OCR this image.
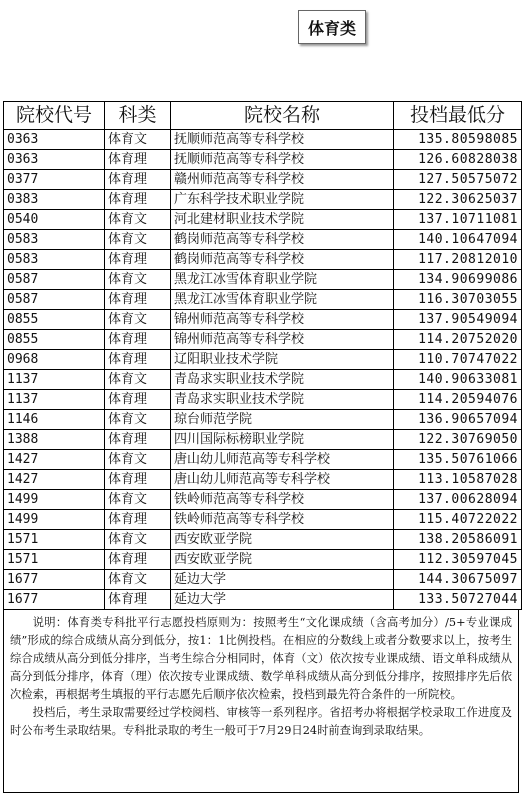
体育类
院校代号	科类	院校名称	投档最低分
0363	体育文	抚顺师范高等专科学校	135.80598085
0363	体育理	抚顺师范高等专科学校	126.60828038
0377	体育理	赣州师范高等专科学校	127.50575072
0383	体育理	广东科学技术职业学院	122.30625037
0540	体育文	河北建材职业技术学院	137.10711081
0583	体育文	鹤岗师范高等专科学校	140.10647094
0583	体育理	鹤岗师范高等专科学校	117.20812010
0587	体育文	黑龙江冰雪体育职业学院	134.90699086
0587	体育理	黑龙江冰雪体育职业学院	116.30703055
0855	体育文	锦州师范高等专科学校	137.90549094
0855	体育理	锦州师范高等专科学校	114.20752020
0968	体育理	辽阳职业技术学院	110.70747022
1137	体育文	青岛求实职业技术学院	140.90633081
1137	体育理	青岛求实职业技术学院	114.20594076
1146	体育文	琼台师范学院	136.90657094
1388	体育理	四川国际标榜职业学院	122.30769050
1427	体育文	唐山幼儿师范高等专科学校	135.50761066
1427	体育理	唐山幼儿师范高等专科学校	113.10587028
1499	体育文	铁岭师范高等专科学校	137.00628094
1499	体育理	铁岭师范高等专科学校	115.40722022
1571	体育文	西安欧亚学院	138.20586091
1571	体育理	西安欧亚学院	112.30597045
1677	体育文	延边大学	144.30675097
1677	体育理	延边大学	133.50727044

说明：体育类专科批平行志愿投档原则为：按照考生“文化课成绩（含高考加分）/5+专业课成绩”形成的综合成绩从高分到低分，按1：1比例投档。在相应的分数线上或者分数要求以上，按考生综合成绩从高分到低分排序，当考生综合分相同时，体育（文）依次按专业课成绩、语文单科成绩从高分到低分排序，体育（理）依次按专业课成绩、数学单科成绩从高分到低分排序，按照排序先后依次检索，再根据考生填报的平行志愿先后顺序依次检索，投档到最先符合条件的一所院校。

投档后，考生录取需要经过学校阅档、审核等一系列程序。省招考办将根据学校录取工作进度及时公布考生录取结果。专科批录取的考生一般可于7月29日24时前查询到录取结果。
